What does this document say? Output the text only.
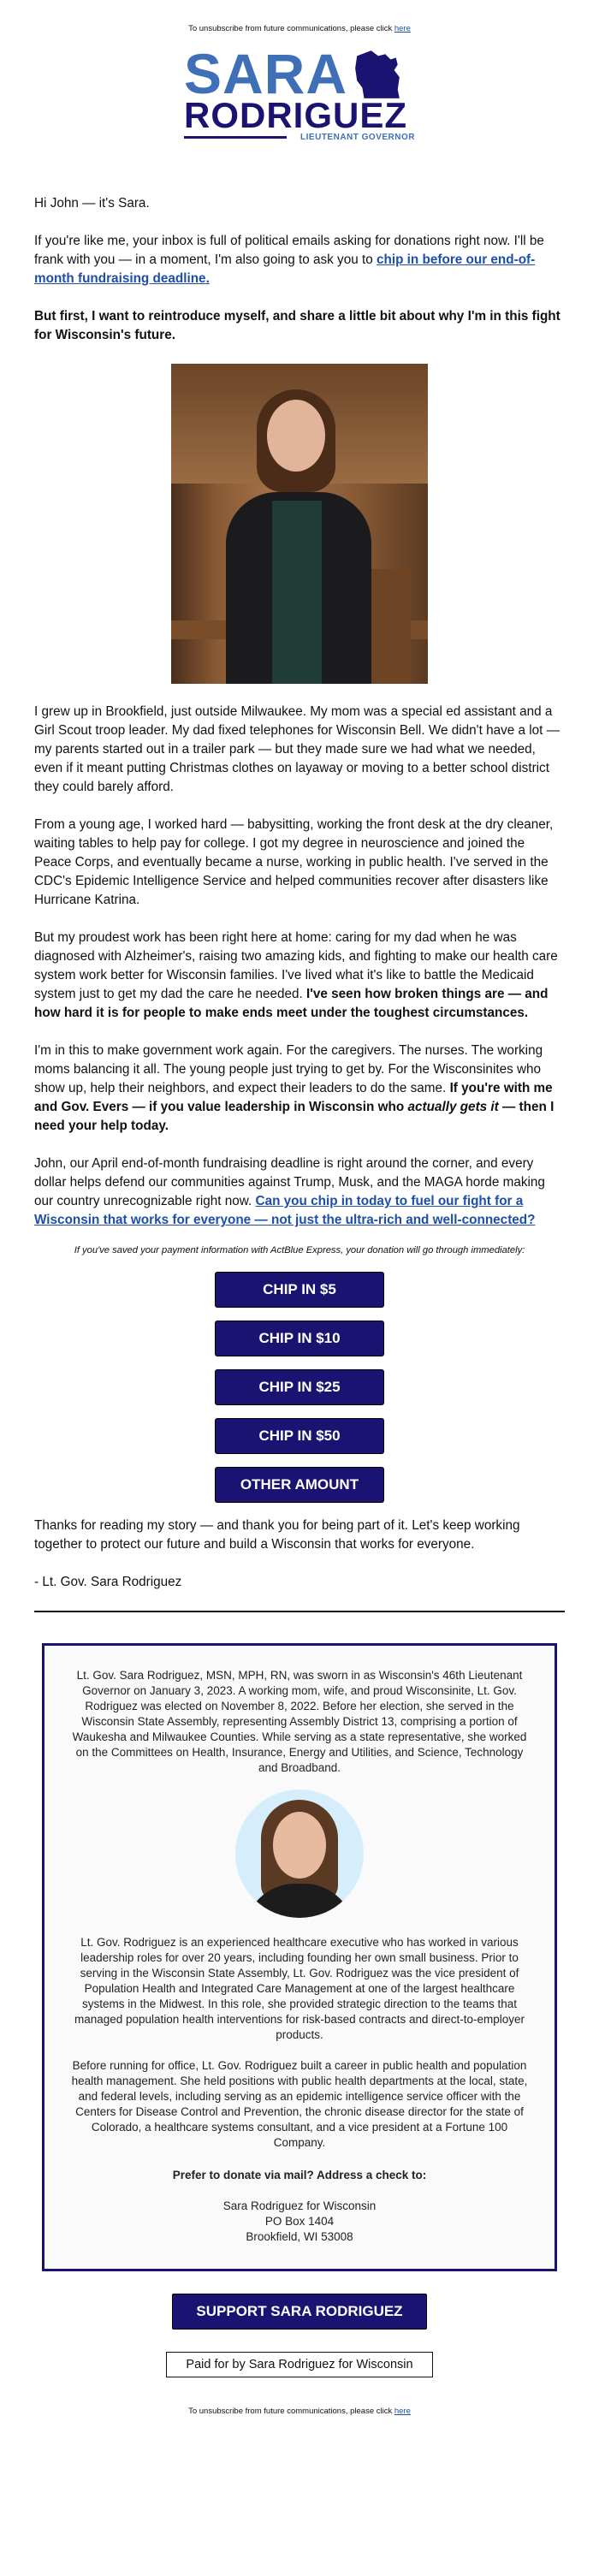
To unsubscribe from future communications, please click here
SARA
RODRIGUEZ
LIEUTENANT GOVERNOR

Hi John — it's Sara.

If you're like me, your inbox is full of political emails asking for donations right now. I'll be frank with you — in a moment, I'm also going to ask you to chip in before our end-of-month fundraising deadline.

But first, I want to reintroduce myself, and share a little bit about why I'm in this fight for Wisconsin's future.

I grew up in Brookfield, just outside Milwaukee. My mom was a special ed assistant and a Girl Scout troop leader. My dad fixed telephones for Wisconsin Bell. We didn't have a lot — my parents started out in a trailer park — but they made sure we had what we needed, even if it meant putting Christmas clothes on layaway or moving to a better school district they could barely afford.

From a young age, I worked hard — babysitting, working the front desk at the dry cleaner, waiting tables to help pay for college. I got my degree in neuroscience and joined the Peace Corps, and eventually became a nurse, working in public health. I've served in the CDC's Epidemic Intelligence Service and helped communities recover after disasters like Hurricane Katrina.

But my proudest work has been right here at home: caring for my dad when he was diagnosed with Alzheimer's, raising two amazing kids, and fighting to make our health care system work better for Wisconsin families. I've lived what it's like to battle the Medicaid system just to get my dad the care he needed. I've seen how broken things are — and how hard it is for people to make ends meet under the toughest circumstances.

I'm in this to make government work again. For the caregivers. The nurses. The working moms balancing it all. The young people just trying to get by. For the Wisconsinites who show up, help their neighbors, and expect their leaders to do the same. If you're with me and Gov. Evers — if you value leadership in Wisconsin who actually gets it — then I need your help today.

John, our April end-of-month fundraising deadline is right around the corner, and every dollar helps defend our communities against Trump, Musk, and the MAGA horde making our country unrecognizable right now. Can you chip in today to fuel our fight for a Wisconsin that works for everyone — not just the ultra-rich and well-connected?

If you've saved your payment information with ActBlue Express, your donation will go through immediately:

CHIP IN $5
CHIP IN $10
CHIP IN $25
CHIP IN $50
OTHER AMOUNT

Thanks for reading my story — and thank you for being part of it. Let's keep working together to protect our future and build a Wisconsin that works for everyone.

- Lt. Gov. Sara Rodriguez

Lt. Gov. Sara Rodriguez, MSN, MPH, RN, was sworn in as Wisconsin's 46th Lieutenant Governor on January 3, 2023. A working mom, wife, and proud Wisconsinite, Lt. Gov. Rodriguez was elected on November 8, 2022. Before her election, she served in the Wisconsin State Assembly, representing Assembly District 13, comprising a portion of Waukesha and Milwaukee Counties. While serving as a state representative, she worked on the Committees on Health, Insurance, Energy and Utilities, and Science, Technology and Broadband.

Lt. Gov. Rodriguez is an experienced healthcare executive who has worked in various leadership roles for over 20 years, including founding her own small business. Prior to serving in the Wisconsin State Assembly, Lt. Gov. Rodriguez was the vice president of Population Health and Integrated Care Management at one of the largest healthcare systems in the Midwest. In this role, she provided strategic direction to the teams that managed population health interventions for risk-based contracts and direct-to-employer products.

Before running for office, Lt. Gov. Rodriguez built a career in public health and population health management. She held positions with public health departments at the local, state, and federal levels, including serving as an epidemic intelligence service officer with the Centers for Disease Control and Prevention, the chronic disease director for the state of Colorado, a healthcare systems consultant, and a vice president at a Fortune 100 Company.

Prefer to donate via mail? Address a check to:

Sara Rodriguez for Wisconsin

PO Box 1404

Brookfield, WI 53008

SUPPORT SARA RODRIGUEZ
Paid for by Sara Rodriguez for Wisconsin
To unsubscribe from future communications, please click here
